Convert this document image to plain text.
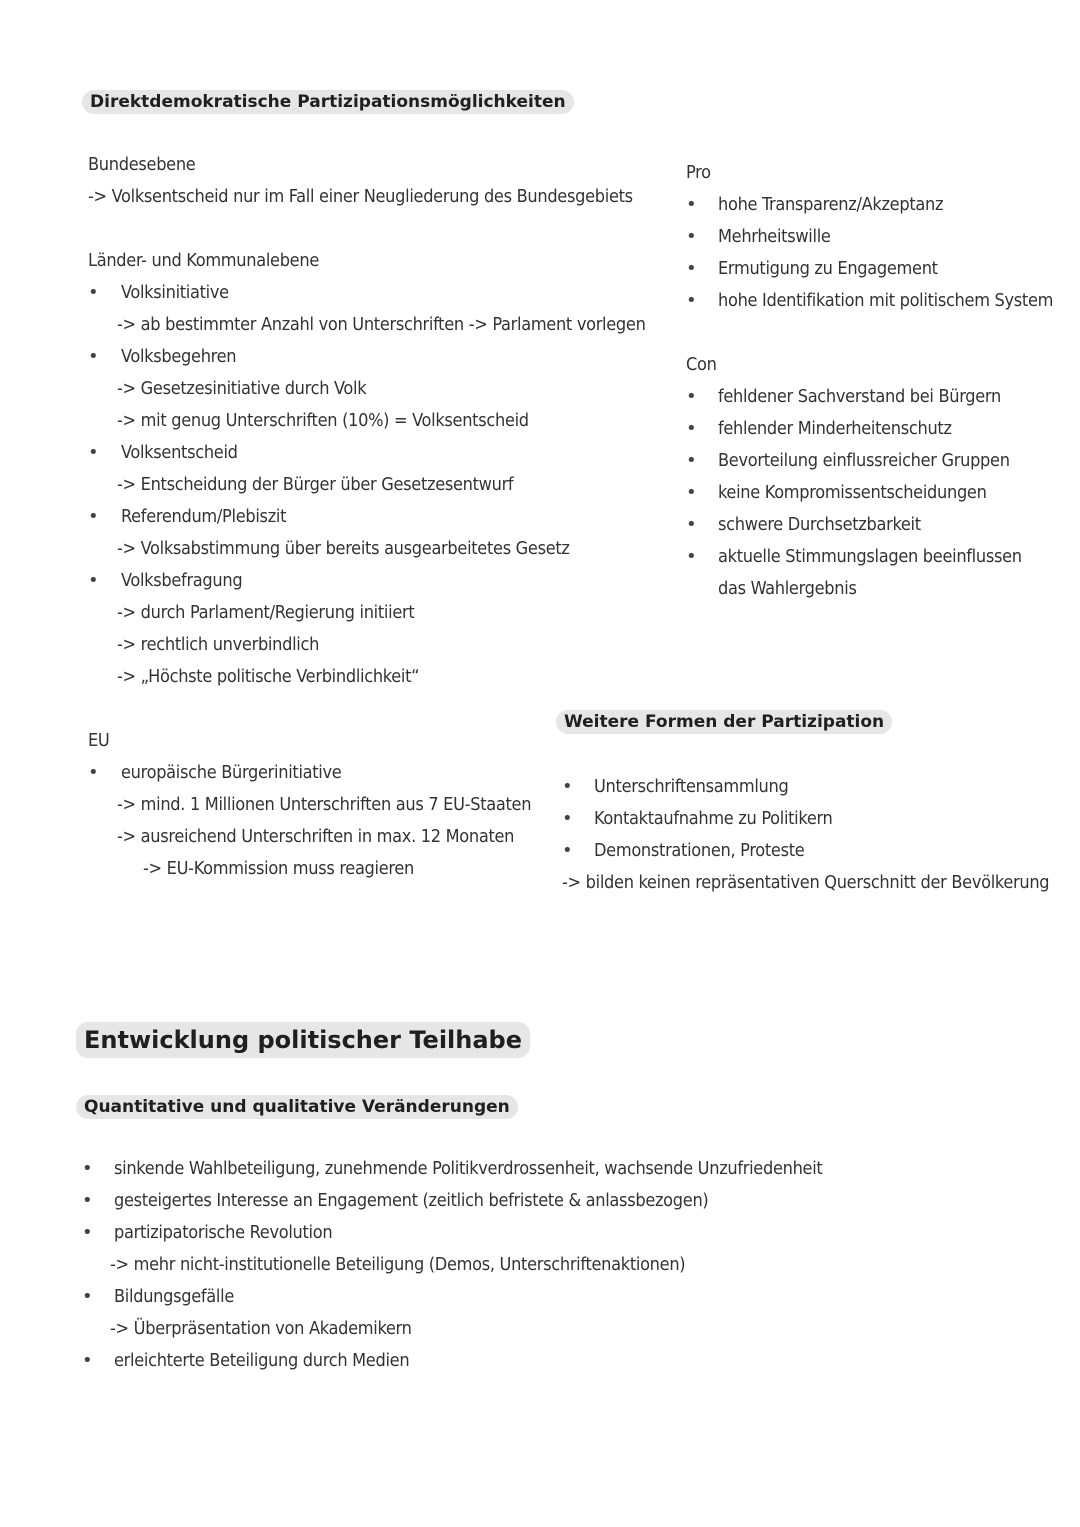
Direktdemokratische Partizipationsmöglichkeiten
Bundesebene
-> Volksentscheid nur im Fall einer Neugliederung des Bundesgebiets
Länder- und Kommunalebene
• Volksinitiative
-> ab bestimmter Anzahl von Unterschriften -> Parlament vorlegen
• Volksbegehren
-> Gesetzesinitiative durch Volk
-> mit genug Unterschriften (10%) = Volksentscheid
• Volksentscheid
-> Entscheidung der Bürger über Gesetzesentwurf
• Referendum/Plebiszit
-> Volksabstimmung über bereits ausgearbeitetes Gesetz
• Volksbefragung
-> durch Parlament/Regierung initiiert
-> rechtlich unverbindlich
-> „Höchste politische Verbindlichkeit“
EU
• europäische Bürgerinitiative
-> mind. 1 Millionen Unterschriften aus 7 EU-Staaten
-> ausreichend Unterschriften in max. 12 Monaten
-> EU-Kommission muss reagieren
Pro
• hohe Transparenz/Akzeptanz
• Mehrheitswille
• Ermutigung zu Engagement
• hohe Identifikation mit politischem System
Con
• fehldener Sachverstand bei Bürgern
• fehlender Minderheitenschutz
• Bevorteilung einflussreicher Gruppen
• keine Kompromissentscheidungen
• schwere Durchsetzbarkeit
• aktuelle Stimmungslagen beeinflussen
das Wahlergebnis
Weitere Formen der Partizipation
• Unterschriftensammlung
• Kontaktaufnahme zu Politikern
• Demonstrationen, Proteste
-> bilden keinen repräsentativen Querschnitt der Bevölkerung
Entwicklung politischer Teilhabe
Quantitative und qualitative Veränderungen
• sinkende Wahlbeteiligung, zunehmende Politikverdrossenheit, wachsende Unzufriedenheit
• gesteigertes Interesse an Engagement (zeitlich befristete & anlassbezogen)
• partizipatorische Revolution
-> mehr nicht-institutionelle Beteiligung (Demos, Unterschriftenaktionen)
• Bildungsgefälle
-> Überpräsentation von Akademikern
• erleichterte Beteiligung durch Medien
